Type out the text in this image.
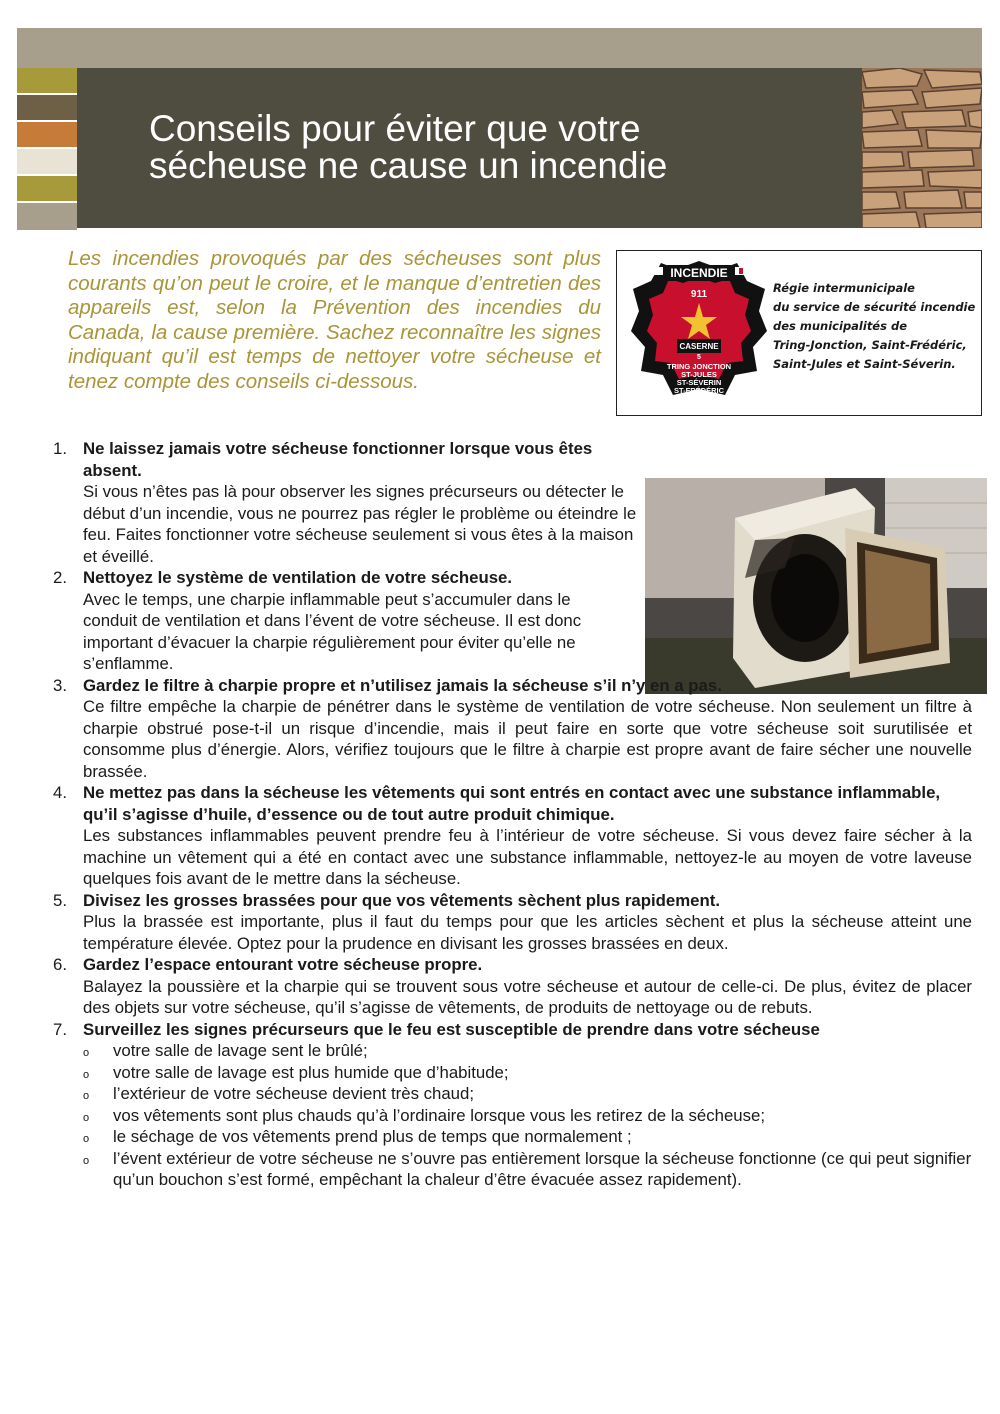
Conseils pour éviter que votre
sécheuse ne cause un incendie

Les incendies provoqués par des sécheuses sont plus courants qu’on peut le croire, et le manque d’entretien des appareils est, selon la Prévention des incendies du Canada, la cause première. Sachez reconnaître les signes indiquant qu’il est temps de nettoyer votre sécheuse et tenez compte des conseils ci-dessous.

INCENDIE
911
CASERNE
5
TRING JONCTION
ST-JULES
ST-SÉVERIN
ST-FRÉDÉRIC
Régie intermunicipale
du service de sécurité incendie
des municipalités de
Tring-Jonction, Saint-Frédéric,
Saint-Jules et Saint-Séverin.
1. Ne laissez jamais votre sécheuse fonctionner lorsque vous êtes absent.
Si vous n’êtes pas là pour observer les signes précurseurs ou détecter le début d’un incendie, vous ne pourrez pas régler le problème ou éteindre le feu. Faites fonctionner votre sécheuse seulement si vous êtes à la maison et éveillé.
2. Nettoyez le système de ventilation de votre sécheuse.
Avec le temps, une charpie inflammable peut s’accumuler dans le conduit de ventilation et dans l’évent de votre sécheuse. Il est donc important d’évacuer la charpie régulièrement pour éviter qu’elle ne s’enflamme.
3. Gardez le filtre à charpie propre et n’utilisez jamais la sécheuse s’il n’y en a pas.
Ce filtre empêche la charpie de pénétrer dans le système de ventilation de votre sécheuse. Non seulement un filtre à charpie obstrué pose-t-il un risque d’incendie, mais il peut faire en sorte que votre sécheuse soit surutilisée et consomme plus d’énergie. Alors, vérifiez toujours que le filtre à charpie est propre avant de faire sécher une nouvelle brassée.
4. Ne mettez pas dans la sécheuse les vêtements qui sont entrés en contact avec une substance inflammable, qu’il s’agisse d’huile, d’essence ou de tout autre produit chimique.
Les substances inflammables peuvent prendre feu à l’intérieur de votre sécheuse. Si vous devez faire sécher à la machine un vêtement qui a été en contact avec une substance inflammable, nettoyez-le au moyen de votre laveuse quelques fois avant de le mettre dans la sécheuse.
5. Divisez les grosses brassées pour que vos vêtements sèchent plus rapidement.
Plus la brassée est importante, plus il faut du temps pour que les articles sèchent et plus la sécheuse atteint une température élevée. Optez pour la prudence en divisant les grosses brassées en deux.
6. Gardez l’espace entourant votre sécheuse propre.
Balayez la poussière et la charpie qui se trouvent sous votre sécheuse et autour de celle-ci. De plus, évitez de placer des objets sur votre sécheuse, qu’il s’agisse de vêtements, de produits de nettoyage ou de rebuts.
7. Surveillez les signes précurseurs que le feu est susceptible de prendre dans votre sécheuse
o votre salle de lavage sent le brûlé;
o votre salle de lavage est plus humide que d’habitude;
o l’extérieur de votre sécheuse devient très chaud;
o vos vêtements sont plus chauds qu’à l’ordinaire lorsque vous les retirez de la sécheuse;
o le séchage de vos vêtements prend plus de temps que normalement ;
o l’évent extérieur de votre sécheuse ne s’ouvre pas entièrement lorsque la sécheuse fonctionne (ce qui peut signifier qu’un bouchon s’est formé, empêchant la chaleur d’être évacuée assez rapidement).
